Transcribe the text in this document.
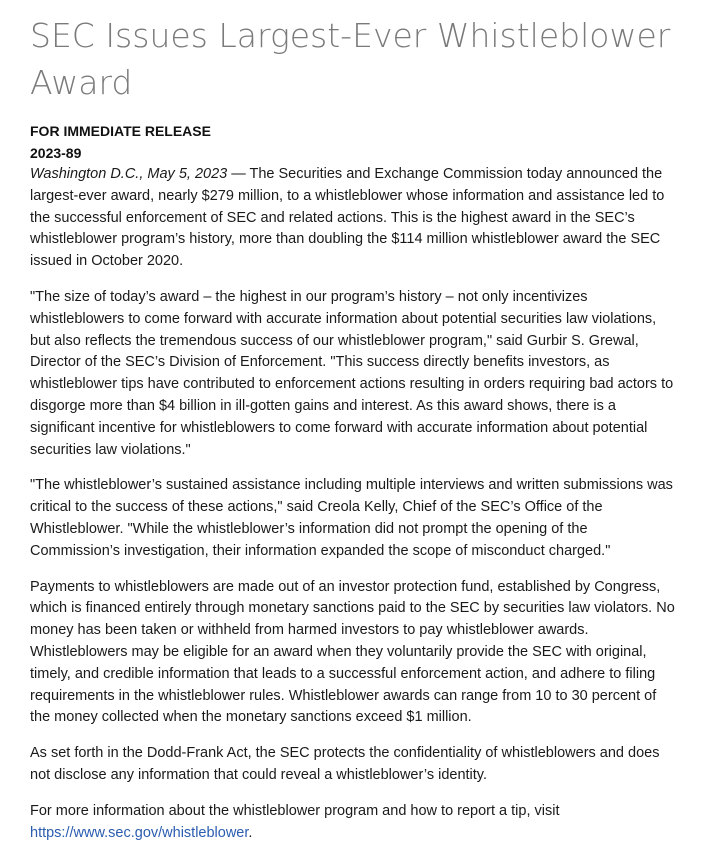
SEC Issues Largest-Ever Whistleblower Award

FOR IMMEDIATE RELEASE

2023-89

Washington D.C., May 5, 2023 — The Securities and Exchange Commission today announced the largest-ever award, nearly $279 million, to a whistleblower whose information and assistance led to the successful enforcement of SEC and related actions. This is the highest award in the SEC’s whistleblower program’s history, more than doubling the $114 million whistleblower award the SEC issued in October 2020.

"The size of today’s award – the highest in our program’s history – not only incentivizes whistleblowers to come forward with accurate information about potential securities law violations, but also reflects the tremendous success of our whistleblower program," said Gurbir S. Grewal, Director of the SEC’s Division of Enforcement. "This success directly benefits investors, as whistleblower tips have contributed to enforcement actions resulting in orders requiring bad actors to disgorge more than $4 billion in ill-gotten gains and interest. As this award shows, there is a significant incentive for whistleblowers to come forward with accurate information about potential securities law violations."

"The whistleblower’s sustained assistance including multiple interviews and written submissions was critical to the success of these actions," said Creola Kelly, Chief of the SEC’s Office of the Whistleblower. "While the whistleblower’s information did not prompt the opening of the Commission’s investigation, their information expanded the scope of misconduct charged."

Payments to whistleblowers are made out of an investor protection fund, established by Congress, which is financed entirely through monetary sanctions paid to the SEC by securities law violators. No money has been taken or withheld from harmed investors to pay whistleblower awards. Whistleblowers may be eligible for an award when they voluntarily provide the SEC with original, timely, and credible information that leads to a successful enforcement action, and adhere to filing requirements in the whistleblower rules. Whistleblower awards can range from 10 to 30 percent of the money collected when the monetary sanctions exceed $1 million.

As set forth in the Dodd-Frank Act, the SEC protects the confidentiality of whistleblowers and does not disclose any information that could reveal a whistleblower’s identity.

For more information about the whistleblower program and how to report a tip, visit https://www.sec.gov/whistleblower.
